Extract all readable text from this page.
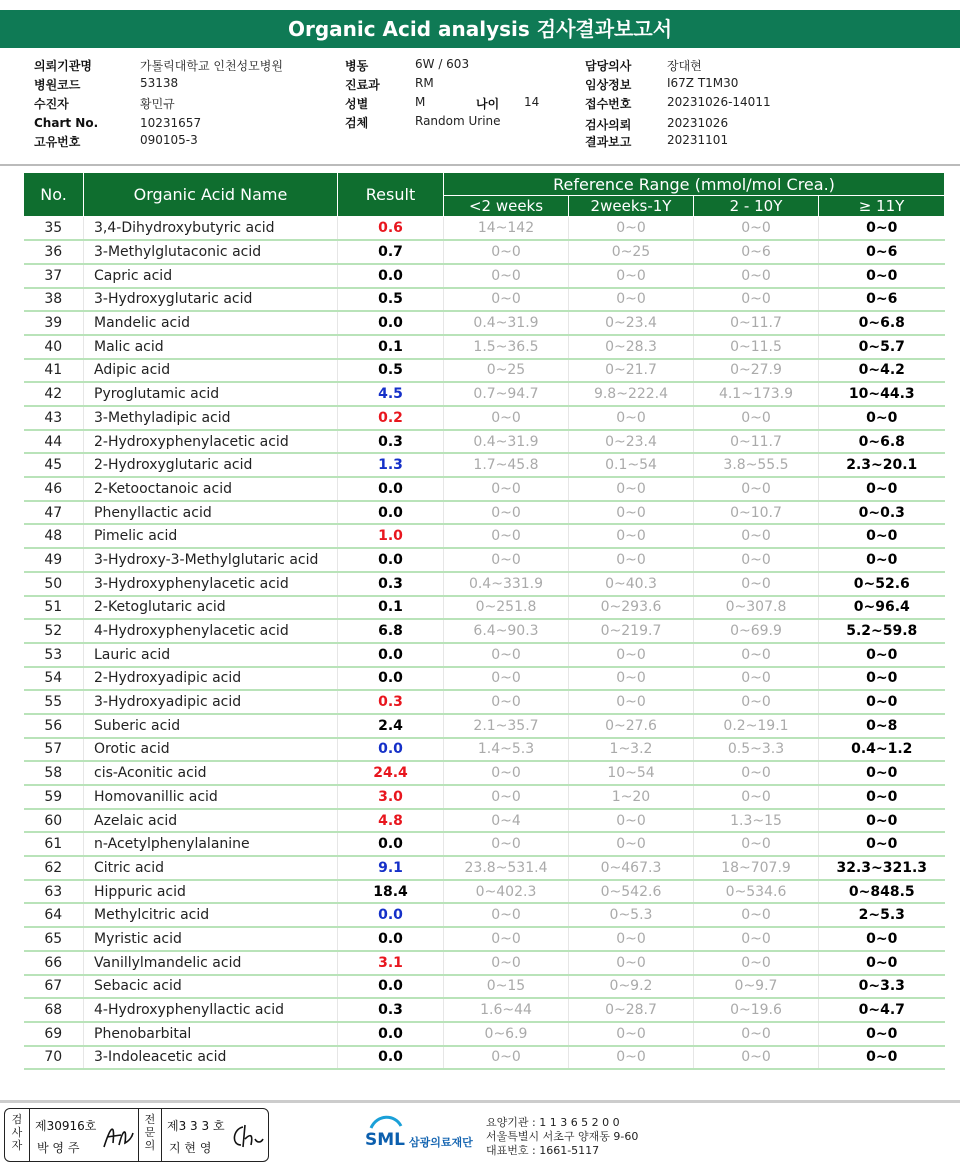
Organic Acid analysis 검사결과보고서
의뢰기관명	가톨릭대학교 인천성모병원
병원코드	53138
수진자	황민규
Chart No.	10231657
고유번호	090105-3
병동	6W / 603
진료과	RM
성별	M	나이 14
검체	Random Urine
담당의사	장대현
임상정보	I67Z T1M30
접수번호	20231026-14011
검사의뢰	20231026
결과보고	20231101
No.	Organic Acid Name	Result	Reference Range (mmol/mol Crea.)			
			<2 weeks	2weeks-1Y	2 - 10Y	≥ 11Y
35	3,4-Dihydroxybutyric acid	0.6	14~142	0~0	0~0	0~0
36	3-Methylglutaconic acid	0.7	0~0	0~25	0~6	0~6
37	Capric acid	0.0	0~0	0~0	0~0	0~0
38	3-Hydroxyglutaric acid	0.5	0~0	0~0	0~0	0~6
39	Mandelic acid	0.0	0.4~31.9	0~23.4	0~11.7	0~6.8
40	Malic acid	0.1	1.5~36.5	0~28.3	0~11.5	0~5.7
41	Adipic acid	0.5	0~25	0~21.7	0~27.9	0~4.2
42	Pyroglutamic acid	4.5	0.7~94.7	9.8~222.4	4.1~173.9	10~44.3
43	3-Methyladipic acid	0.2	0~0	0~0	0~0	0~0
44	2-Hydroxyphenylacetic acid	0.3	0.4~31.9	0~23.4	0~11.7	0~6.8
45	2-Hydroxyglutaric acid	1.3	1.7~45.8	0.1~54	3.8~55.5	2.3~20.1
46	2-Ketooctanoic acid	0.0	0~0	0~0	0~0	0~0
47	Phenyllactic acid	0.0	0~0	0~0	0~10.7	0~0.3
48	Pimelic acid	1.0	0~0	0~0	0~0	0~0
49	3-Hydroxy-3-Methylglutaric acid	0.0	0~0	0~0	0~0	0~0
50	3-Hydroxyphenylacetic acid	0.3	0.4~331.9	0~40.3	0~0	0~52.6
51	2-Ketoglutaric acid	0.1	0~251.8	0~293.6	0~307.8	0~96.4
52	4-Hydroxyphenylacetic acid	6.8	6.4~90.3	0~219.7	0~69.9	5.2~59.8
53	Lauric acid	0.0	0~0	0~0	0~0	0~0
54	2-Hydroxyadipic acid	0.0	0~0	0~0	0~0	0~0
55	3-Hydroxyadipic acid	0.3	0~0	0~0	0~0	0~0
56	Suberic acid	2.4	2.1~35.7	0~27.6	0.2~19.1	0~8
57	Orotic acid	0.0	1.4~5.3	1~3.2	0.5~3.3	0.4~1.2
58	cis-Aconitic acid	24.4	0~0	10~54	0~0	0~0
59	Homovanillic acid	3.0	0~0	1~20	0~0	0~0
60	Azelaic acid	4.8	0~4	0~0	1.3~15	0~0
61	n-Acetylphenylalanine	0.0	0~0	0~0	0~0	0~0
62	Citric acid	9.1	23.8~531.4	0~467.3	18~707.9	32.3~321.3
63	Hippuric acid	18.4	0~402.3	0~542.6	0~534.6	0~848.5
64	Methylcitric acid	0.0	0~0	0~5.3	0~0	2~5.3
65	Myristic acid	0.0	0~0	0~0	0~0	0~0
66	Vanillylmandelic acid	3.1	0~0	0~0	0~0	0~0
67	Sebacic acid	0.0	0~15	0~9.2	0~9.7	0~3.3
68	4-Hydroxyphenyllactic acid	0.3	1.6~44	0~28.7	0~19.6	0~4.7
69	Phenobarbital	0.0	0~6.9	0~0	0~0	0~0
70	3-Indoleacetic acid	0.0	0~0	0~0	0~0	0~0
검사자
제30916호
박 영 주
전문의
제3 3 3 호
지 현 영	SML 삼광의료재단
요양기관 : 1 1 3 6 5 2 0 0
서울특별시 서초구 양재동 9-60
대표번호 : 1661-5117
